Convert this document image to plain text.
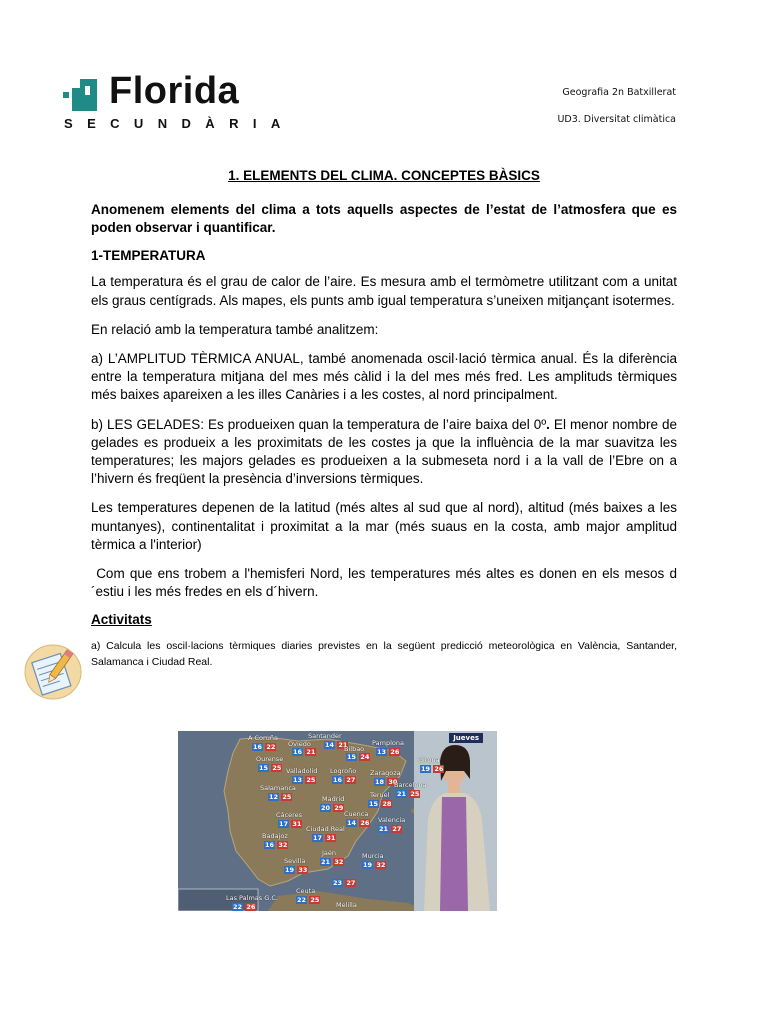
Florida
SECUNDÀRIA
Geografia 2n Batxillerat
UD3. Diversitat climàtica
1. ELEMENTS DEL CLIMA. CONCEPTES BÀSICS

Anomenem elements del clima a tots aquells aspectes de l’estat de l’atmosfera que es poden observar i quantificar.

1-TEMPERATURA

La temperatura és el grau de calor de l’aire. Es mesura amb el termòmetre utilitzant com a unitat els graus centígrads. Als mapes, els punts amb igual temperatura s’uneixen mitjançant isotermes.

En relació amb la temperatura també analitzem:

a) L’AMPLITUD TÈRMICA ANUAL, també anomenada oscil·lació tèrmica anual. És la diferència entre la temperatura mitjana del mes més càlid i la del mes més fred. Les amplituds tèrmiques més baixes apareixen a les illes Canàries i a les costes, al nord principalment.

b) LES GELADES: Es produeixen quan la temperatura de l’aire baixa del 0º. El menor nombre de gelades es produeix a les proximitats de les costes ja que la influència de la mar suavitza les temperatures; les majors gelades es produeixen a la submeseta nord i a la vall de l’Ebre on a l’hivern és freqüent la presència d’inversions tèrmiques.

Les temperatures depenen de la latitud (més altes al sud que al nord), altitud (més baixes a les muntanyes), continentalitat i proximitat a la mar (més suaus en la costa, amb major amplitud tèrmica a l'interior)

Com que ens trobem a l'hemisferi Nord, les temperatures més altes es donen en els mesos d´estiu i les més fredes en els d´hivern.

Activitats

a) Calcula les oscil·lacions tèrmiques diaries previstes en la següent predicció meteorològica en València, Santander, Salamanca i Ciudad Real.

Jueves
A Coruña
16 22 Oviedo
16 21
Santander
14 21
Bilbao
15 24
Pamplona
13 26
Ourense
15 25 Valladolid
13 25
Logroño
16 27
Zaragoza
18 30
Girona
19 26
Salamanca
12 25	Madrid
20 29
Teruel
15 28
Barcelona
21 25
Cáceres
17 31
Cuenca
14 26 Valencia
21 27
Ciudad Real
17 31
Badajoz
16 32
Jaén
21 32
Murcia
19 32
Sevilla
19 33
Ceuta
22 25
Melilla
23 27
Las Palmas G.C.
22 26
